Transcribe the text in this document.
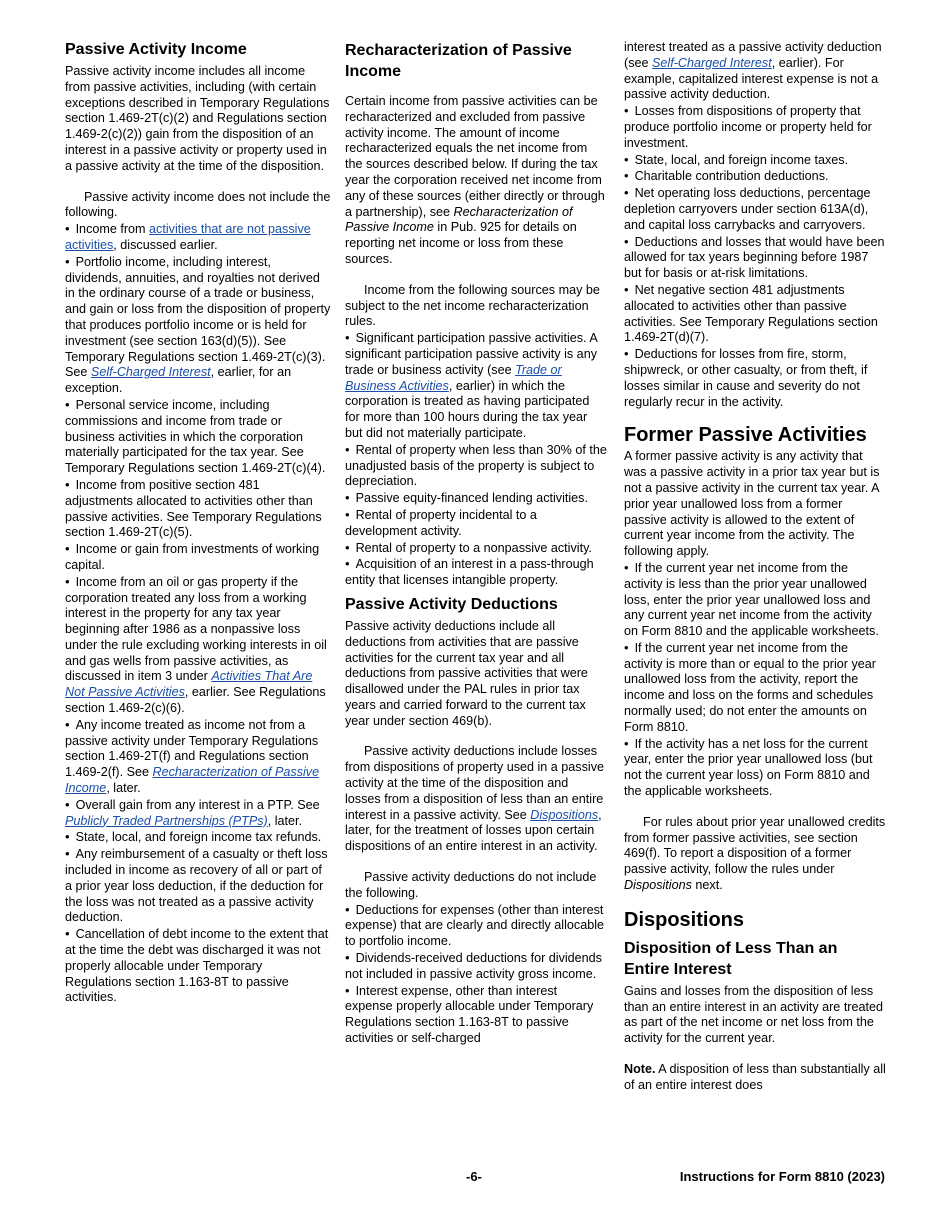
Passive Activity Income

Passive activity income includes all income from passive activities, including (with certain exceptions described in Temporary Regulations section 1.469-2T(c)(2) and Regulations section 1.469-2(c)(2)) gain from the disposition of an interest in a passive activity or property used in a passive activity at the time of the disposition.

Passive activity income does not include the following.

• Income from activities that are not passive activities, discussed earlier.

• Portfolio income, including interest, dividends, annuities, and royalties not derived in the ordinary course of a trade or business, and gain or loss from the disposition of property that produces portfolio income or is held for investment (see section 163(d)(5)). See Temporary Regulations section 1.469-2T(c)(3). See Self-Charged Interest, earlier, for an exception.

• Personal service income, including commissions and income from trade or business activities in which the corporation materially participated for the tax year. See Temporary Regulations section 1.469-2T(c)(4).

• Income from positive section 481 adjustments allocated to activities other than passive activities. See Temporary Regulations section 1.469-2T(c)(5).

• Income or gain from investments of working capital.

• Income from an oil or gas property if the corporation treated any loss from a working interest in the property for any tax year beginning after 1986 as a nonpassive loss under the rule excluding working interests in oil and gas wells from passive activities, as discussed in item 3 under Activities That Are Not Passive Activities, earlier. See Regulations section 1.469-2(c)(6).

• Any income treated as income not from a passive activity under Temporary Regulations section 1.469-2T(f) and Regulations section 1.469-2(f). See Recharacterization of Passive Income, later.

• Overall gain from any interest in a PTP. See Publicly Traded Partnerships (PTPs), later.

• State, local, and foreign income tax refunds.

• Any reimbursement of a casualty or theft loss included in income as recovery of all or part of a prior year loss deduction, if the deduction for the loss was not treated as a passive activity deduction.

• Cancellation of debt income to the extent that at the time the debt was discharged it was not properly allocable under Temporary Regulations section 1.163-8T to passive activities.

Recharacterization of Passive Income

Certain income from passive activities can be recharacterized and excluded from passive activity income. The amount of income recharacterized equals the net income from the sources described below. If during the tax year the corporation received net income from any of these sources (either directly or through a partnership), see Recharacterization of Passive Income in Pub. 925 for details on reporting net income or loss from these sources.

Income from the following sources may be subject to the net income recharacterization rules.

• Significant participation passive activities. A significant participation passive activity is any trade or business activity (see Trade or Business Activities, earlier) in which the corporation is treated as having participated for more than 100 hours during the tax year but did not materially participate.

• Rental of property when less than 30% of the unadjusted basis of the property is subject to depreciation.

• Passive equity-financed lending activities.

• Rental of property incidental to a development activity.

• Rental of property to a nonpassive activity.

• Acquisition of an interest in a pass-through entity that licenses intangible property.

Passive Activity Deductions

Passive activity deductions include all deductions from activities that are passive activities for the current tax year and all deductions from passive activities that were disallowed under the PAL rules in prior tax years and carried forward to the current tax year under section 469(b).

Passive activity deductions include losses from dispositions of property used in a passive activity at the time of the disposition and losses from a disposition of less than an entire interest in a passive activity. See Dispositions, later, for the treatment of losses upon certain dispositions of an entire interest in an activity.

Passive activity deductions do not include the following.

• Deductions for expenses (other than interest expense) that are clearly and directly allocable to portfolio income.

• Dividends-received deductions for dividends not included in passive activity gross income.

• Interest expense, other than interest expense properly allocable under Temporary Regulations section 1.163-8T to passive activities or self-charged

interest treated as a passive activity deduction (see Self-Charged Interest, earlier). For example, capitalized interest expense is not a passive activity deduction.

• Losses from dispositions of property that produce portfolio income or property held for investment.

• State, local, and foreign income taxes.

• Charitable contribution deductions.

• Net operating loss deductions, percentage depletion carryovers under section 613A(d), and capital loss carrybacks and carryovers.

• Deductions and losses that would have been allowed for tax years beginning before 1987 but for basis or at-risk limitations.

• Net negative section 481 adjustments allocated to activities other than passive activities. See Temporary Regulations section 1.469-2T(d)(7).

• Deductions for losses from fire, storm, shipwreck, or other casualty, or from theft, if losses similar in cause and severity do not regularly recur in the activity.

Former Passive Activities

A former passive activity is any activity that was a passive activity in a prior tax year but is not a passive activity in the current tax year. A prior year unallowed loss from a former passive activity is allowed to the extent of current year income from the activity. The following apply.

• If the current year net income from the activity is less than the prior year unallowed loss, enter the prior year unallowed loss and any current year net income from the activity on Form 8810 and the applicable worksheets.

• If the current year net income from the activity is more than or equal to the prior year unallowed loss from the activity, report the income and loss on the forms and schedules normally used; do not enter the amounts on Form 8810.

• If the activity has a net loss for the current year, enter the prior year unallowed loss (but not the current year loss) on Form 8810 and the applicable worksheets.

For rules about prior year unallowed credits from former passive activities, see section 469(f). To report a disposition of a former passive activity, follow the rules under Dispositions next.

Dispositions
Disposition of Less Than an Entire Interest

Gains and losses from the disposition of less than an entire interest in an activity are treated as part of the net income or net loss from the activity for the current year.

Note. A disposition of less than substantially all of an entire interest does

-6-	Instructions for Form 8810 (2023)
